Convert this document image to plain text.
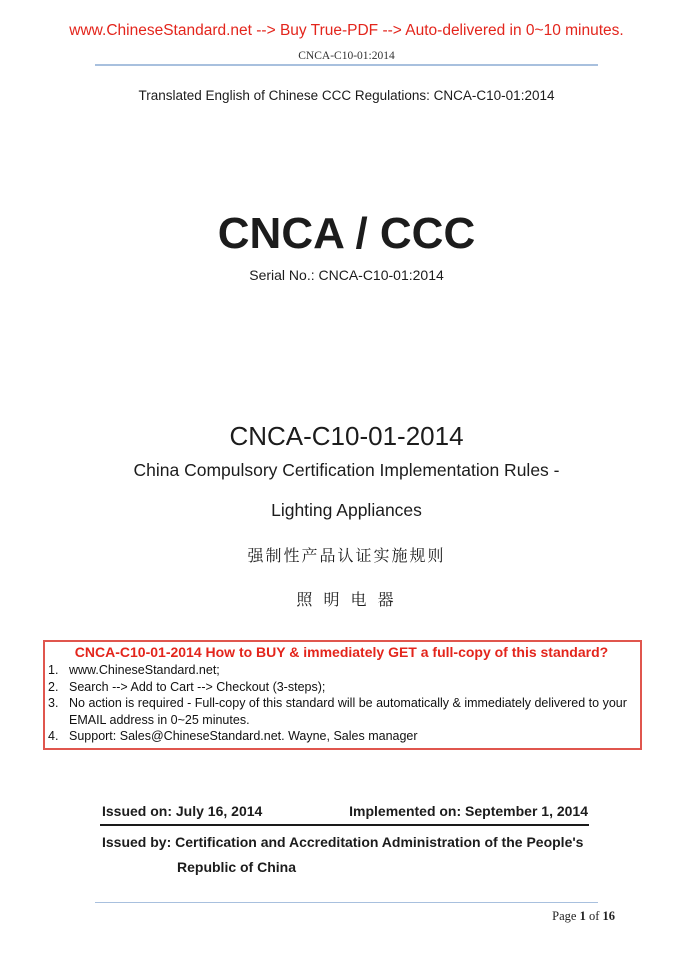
www.ChineseStandard.net --> Buy True-PDF --> Auto-delivered in 0~10 minutes.
CNCA-C10-01:2014
Translated English of Chinese CCC Regulations: CNCA-C10-01:2014
CNCA / CCC
Serial No.: CNCA-C10-01:2014
CNCA-C10-01-2014
China Compulsory Certification Implementation Rules -
Lighting Appliances
强制性产品认证实施规则
照 明 电 器
CNCA-C10-01-2014 How to BUY & immediately GET a full-copy of this standard?
1. www.ChineseStandard.net;
2. Search --> Add to Cart --> Checkout (3-steps);
3. No action is required - Full-copy of this standard will be automatically & immediately delivered to your EMAIL address in 0~25 minutes.
4. Support: Sales@ChineseStandard.net. Wayne, Sales manager
Issued on: July 16, 2014	Implemented on: September 1, 2014
Issued by: Certification and Accreditation Administration of the People's
Republic of China
Page 1 of 16
